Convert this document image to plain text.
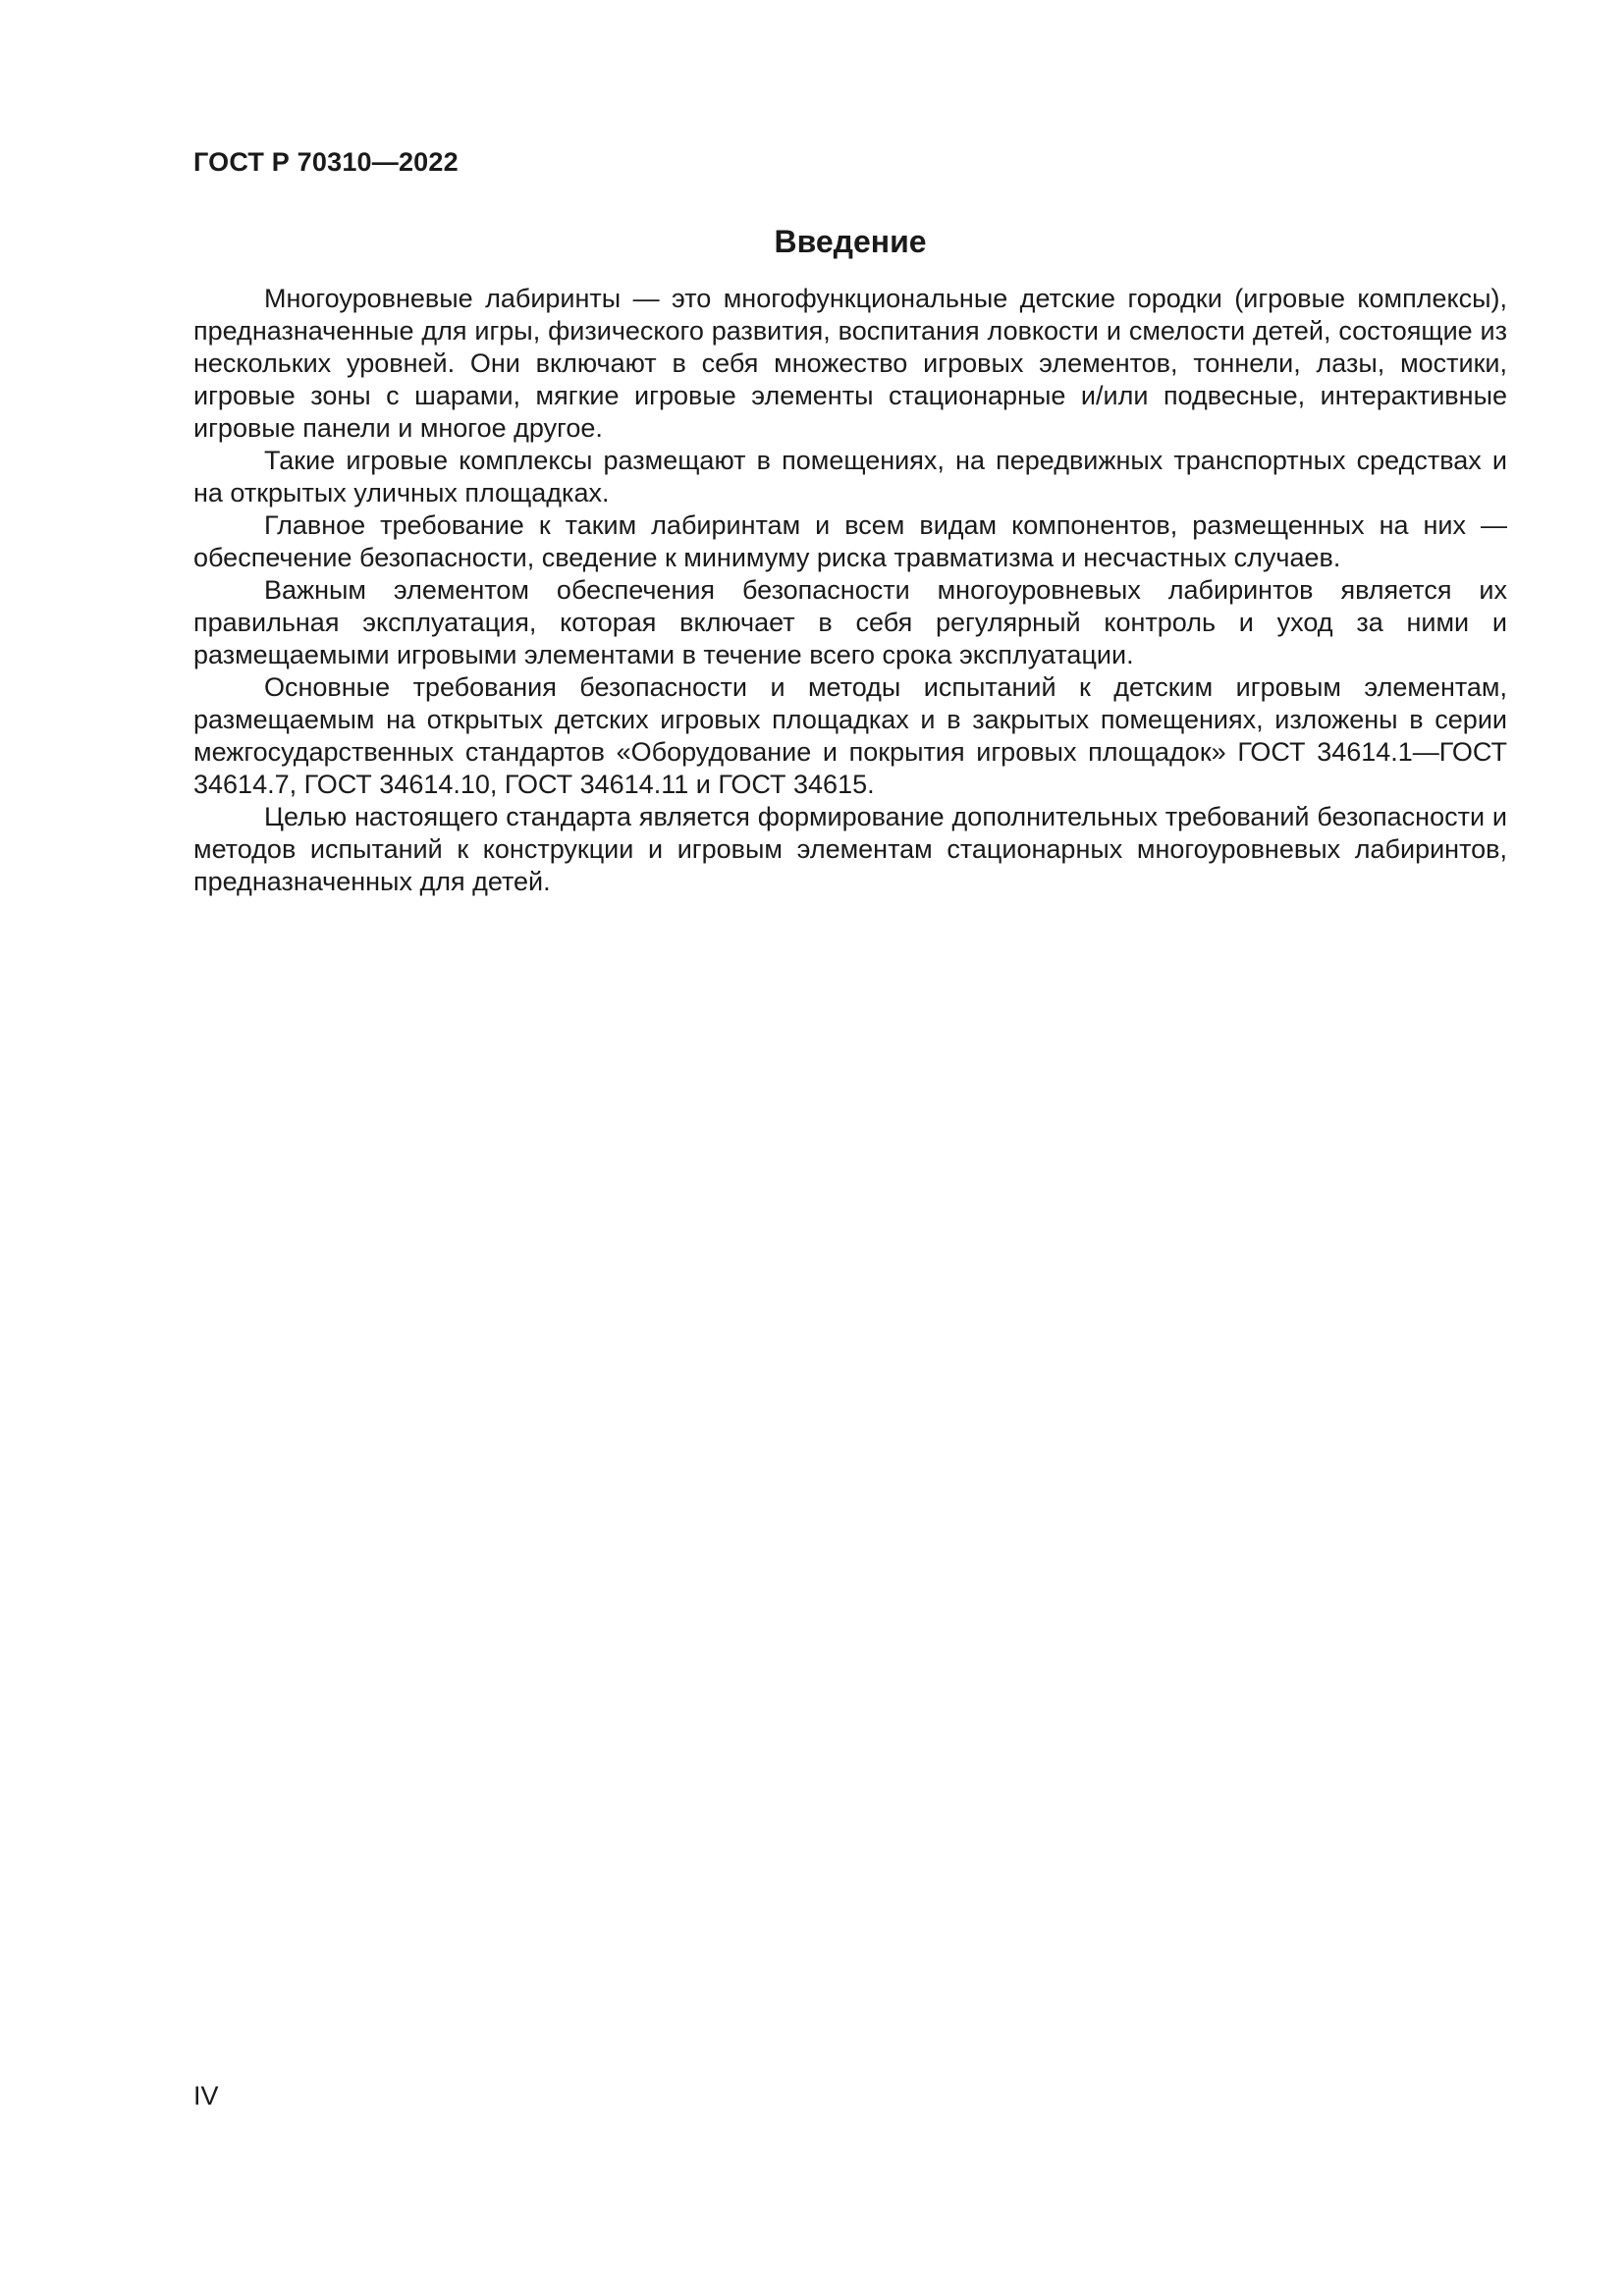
ГОСТ Р 70310—2022
Введение

Многоуровневые лабиринты — это многофункциональные детские городки (игровые комплексы), предназначенные для игры, физического развития, воспитания ловкости и смелости детей, состоящие из нескольких уровней. Они включают в себя множество игровых элементов, тоннели, лазы, мостики, игровые зоны с шарами, мягкие игровые элементы стационарные и/или подвесные, интерактивные игровые панели и многое другое.

Такие игровые комплексы размещают в помещениях, на передвижных транспортных средствах и на открытых уличных площадках.

Главное требование к таким лабиринтам и всем видам компонентов, размещенных на них — обеспечение безопасности, сведение к минимуму риска травматизма и несчастных случаев.

Важным элементом обеспечения безопасности многоуровневых лабиринтов является их правильная эксплуатация, которая включает в себя регулярный контроль и уход за ними и размещаемыми игровыми элементами в течение всего срока эксплуатации.

Основные требования безопасности и методы испытаний к детским игровым элементам, размещаемым на открытых детских игровых площадках и в закрытых помещениях, изложены в серии межгосударственных стандартов «Оборудование и покрытия игровых площадок» ГОСТ 34614.1—ГОСТ 34614.7, ГОСТ 34614.10, ГОСТ 34614.11 и ГОСТ 34615.

Целью настоящего стандарта является формирование дополнительных требований безопасности и методов испытаний к конструкции и игровым элементам стационарных многоуровневых лабиринтов, предназначенных для детей.

IV
